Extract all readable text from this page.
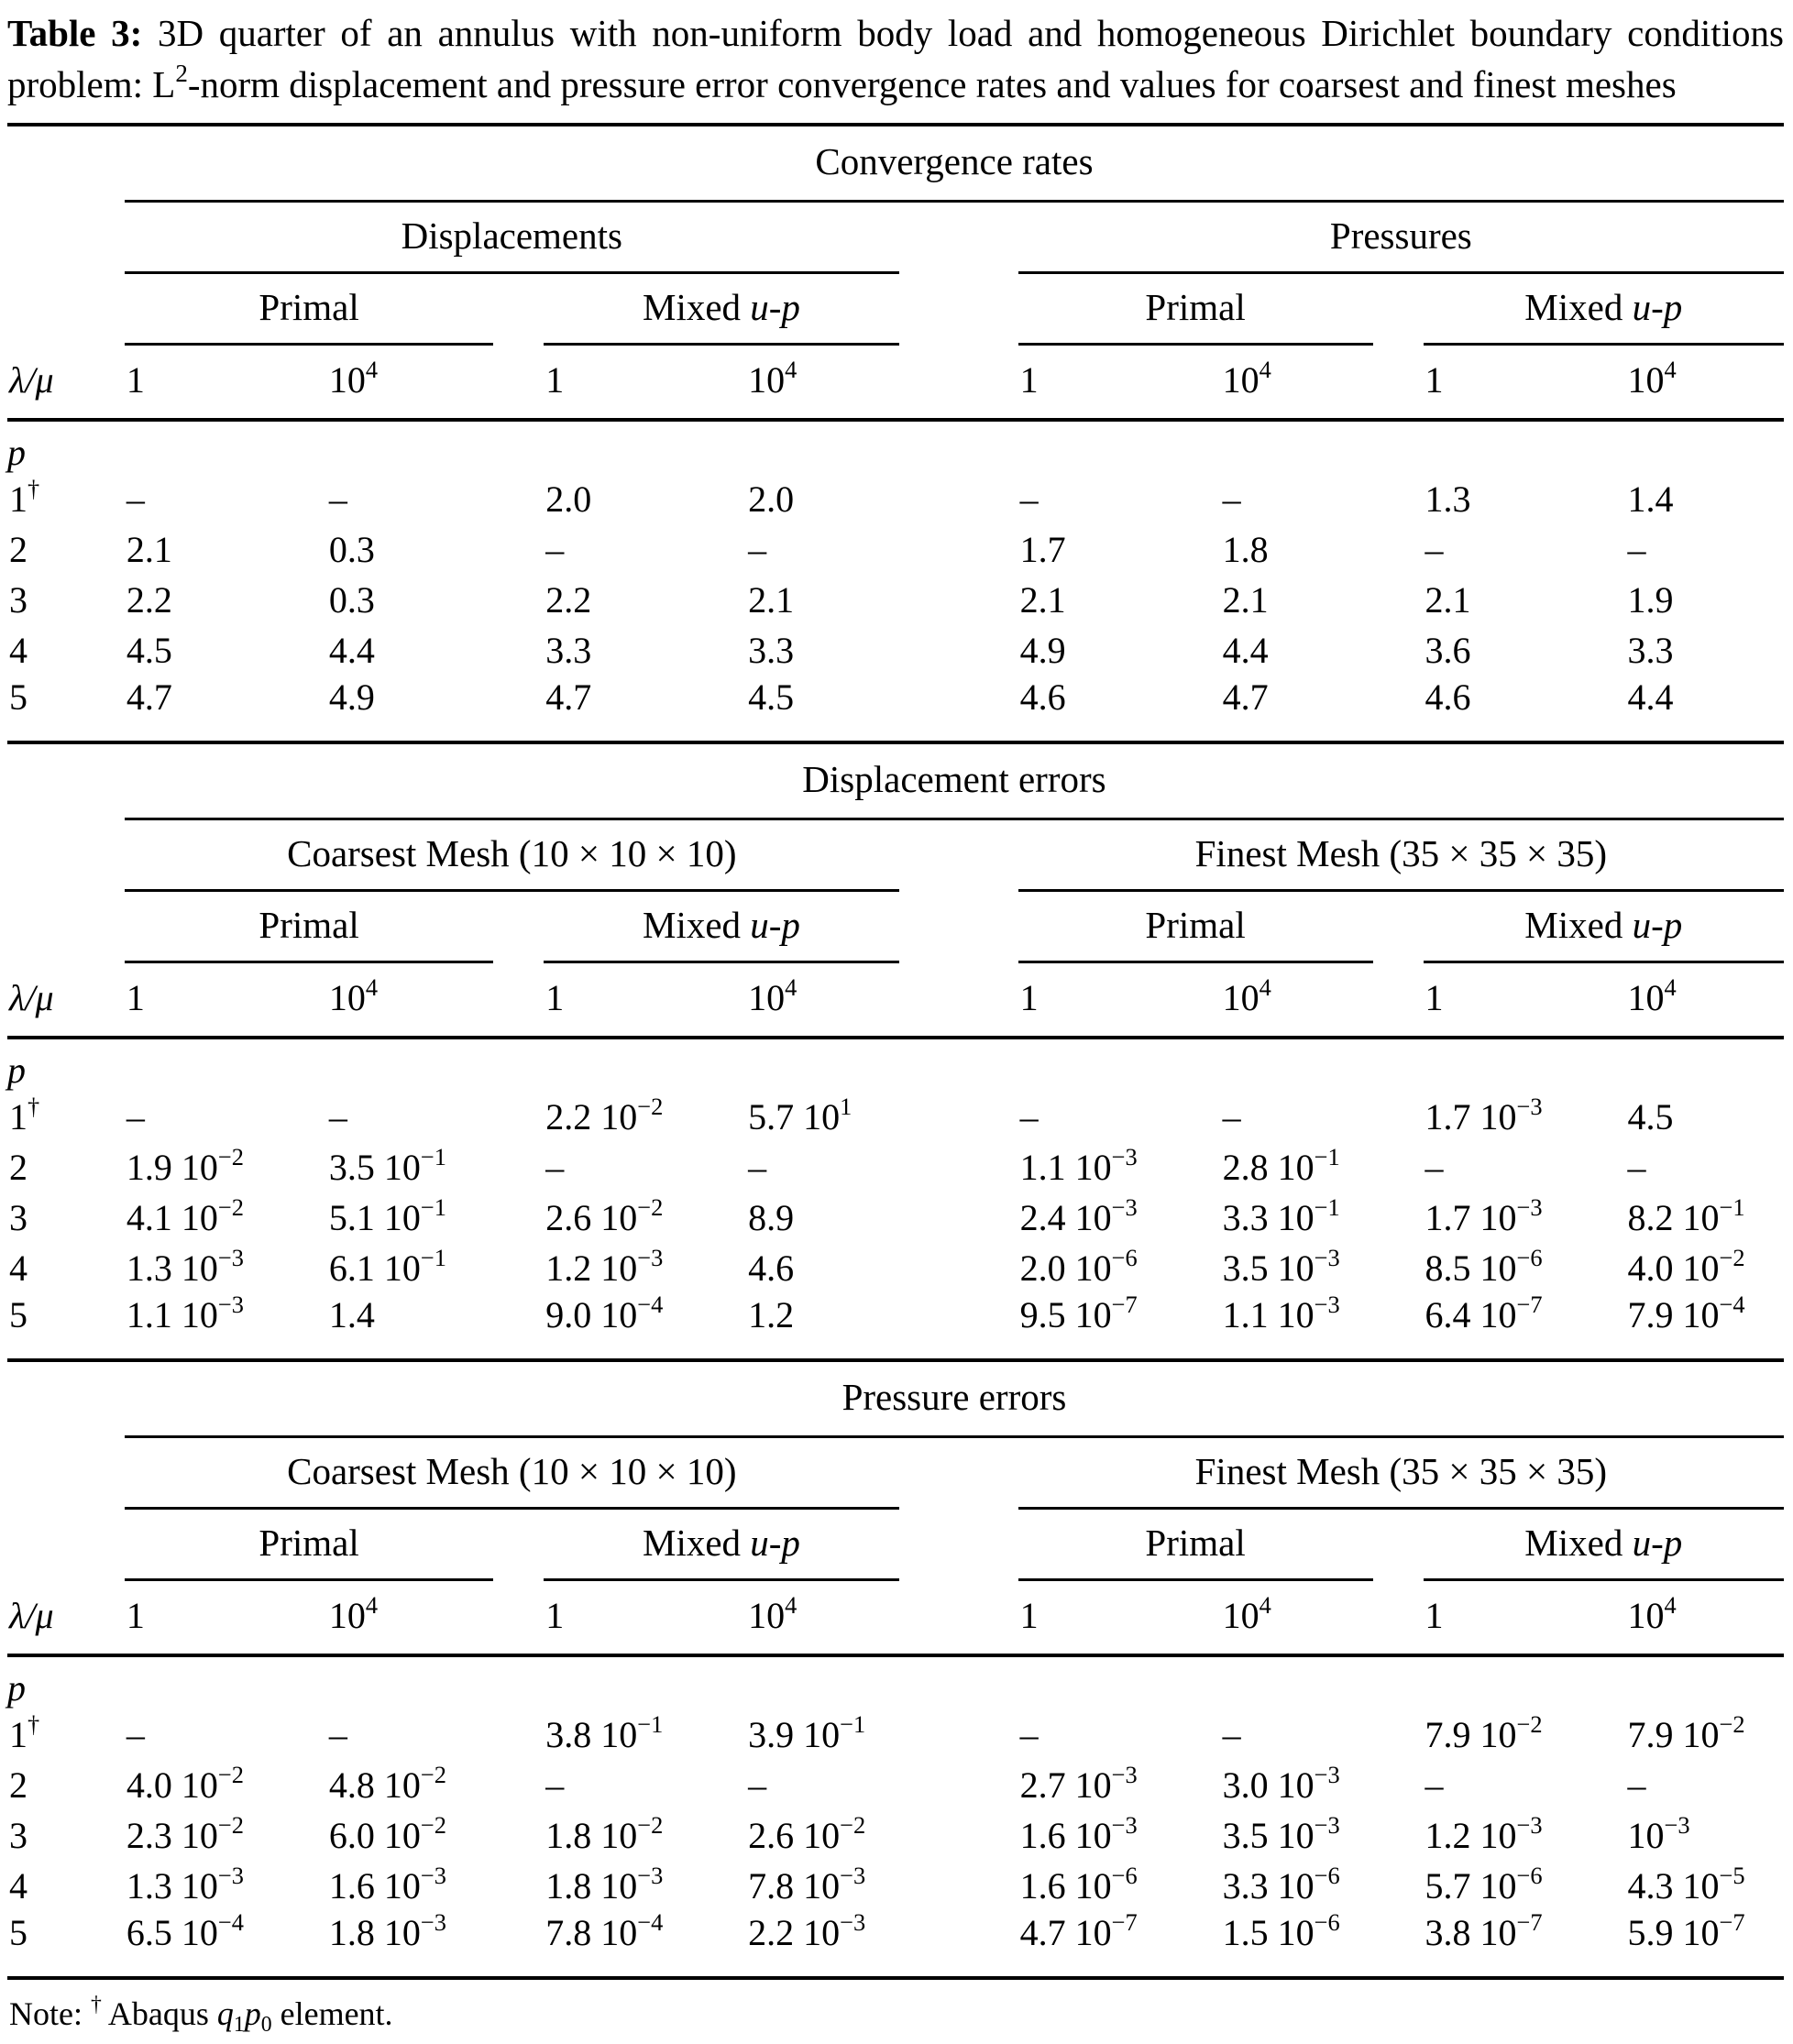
Table 3: 3D quarter of an annulus with non-uniform body load and homogeneous Dirichlet boundary conditions problem: $L^2$-norm displacement and pressure error convergence rates and values for coarsest and finest meshes
	Convergence rates							

	Displacements				Pressures			

	Primal		Mixed u-p		Primal		Mixed u-p	

λ/μ	1	$10^4$	1	$10^4$	1	$10^4$	1	$10^4$
p								
1†	–	–	2.0	2.0	–	–	1.3	1.4
2	2.1	0.3	–	–	1.7	1.8	–	–
3	2.2	0.3	2.2	2.1	2.1	2.1	2.1	1.9
4	4.5	4.4	3.3	3.3	4.9	4.4	3.6	3.3
5	4.7	4.9	4.7	4.5	4.6	4.7	4.6	4.4
	Displacement errors							

	Coarsest Mesh (10 × 10 × 10)				Finest Mesh (35 × 35 × 35)			

	Primal		Mixed u-p		Primal		Mixed u-p	

λ/μ	1	$10^4$	1	$10^4$	1	$10^4$	1	$10^4$
p								
1†	–	–	2.2 $10^{-2}$	5.7 $10^1$	–	–	1.7 $10^{-3}$	4.5
2	1.9 $10^{-2}$	3.5 $10^{-1}$	–	–	1.1 $10^{-3}$	2.8 $10^{-1}$	–	–
3	4.1 $10^{-2}$	5.1 $10^{-1}$	2.6 $10^{-2}$	8.9	2.4 $10^{-3}$	3.3 $10^{-1}$	1.7 $10^{-3}$	8.2 $10^{-1}$
4	1.3 $10^{-3}$	6.1 $10^{-1}$	1.2 $10^{-3}$	4.6	2.0 $10^{-6}$	3.5 $10^{-3}$	8.5 $10^{-6}$	4.0 $10^{-2}$
5	1.1 $10^{-3}$	1.4	9.0 $10^{-4}$	1.2	9.5 $10^{-7}$	1.1 $10^{-3}$	6.4 $10^{-7}$	7.9 $10^{-4}$
	Pressure errors							

	Coarsest Mesh (10 × 10 × 10)				Finest Mesh (35 × 35 × 35)			

	Primal		Mixed u-p		Primal		Mixed u-p	

λ/μ	1	$10^4$	1	$10^4$	1	$10^4$	1	$10^4$
p								
1†	–	–	3.8 $10^{-1}$	3.9 $10^{-1}$	–	–	7.9 $10^{-2}$	7.9 $10^{-2}$
2	4.0 $10^{-2}$	4.8 $10^{-2}$	–	–	2.7 $10^{-3}$	3.0 $10^{-3}$	–	–
3	2.3 $10^{-2}$	6.0 $10^{-2}$	1.8 $10^{-2}$	2.6 $10^{-2}$	1.6 $10^{-3}$	3.5 $10^{-3}$	1.2 $10^{-3}$	$10^{-3}$
4	1.3 $10^{-3}$	1.6 $10^{-3}$	1.8 $10^{-3}$	7.8 $10^{-3}$	1.6 $10^{-6}$	3.3 $10^{-6}$	5.7 $10^{-6}$	4.3 $10^{-5}$
5	6.5 $10^{-4}$	1.8 $10^{-3}$	7.8 $10^{-4}$	2.2 $10^{-3}$	4.7 $10^{-7}$	1.5 $10^{-6}$	3.8 $10^{-7}$	5.9 $10^{-7}$
Note: † Abaqus $q_1p_0$ element.
